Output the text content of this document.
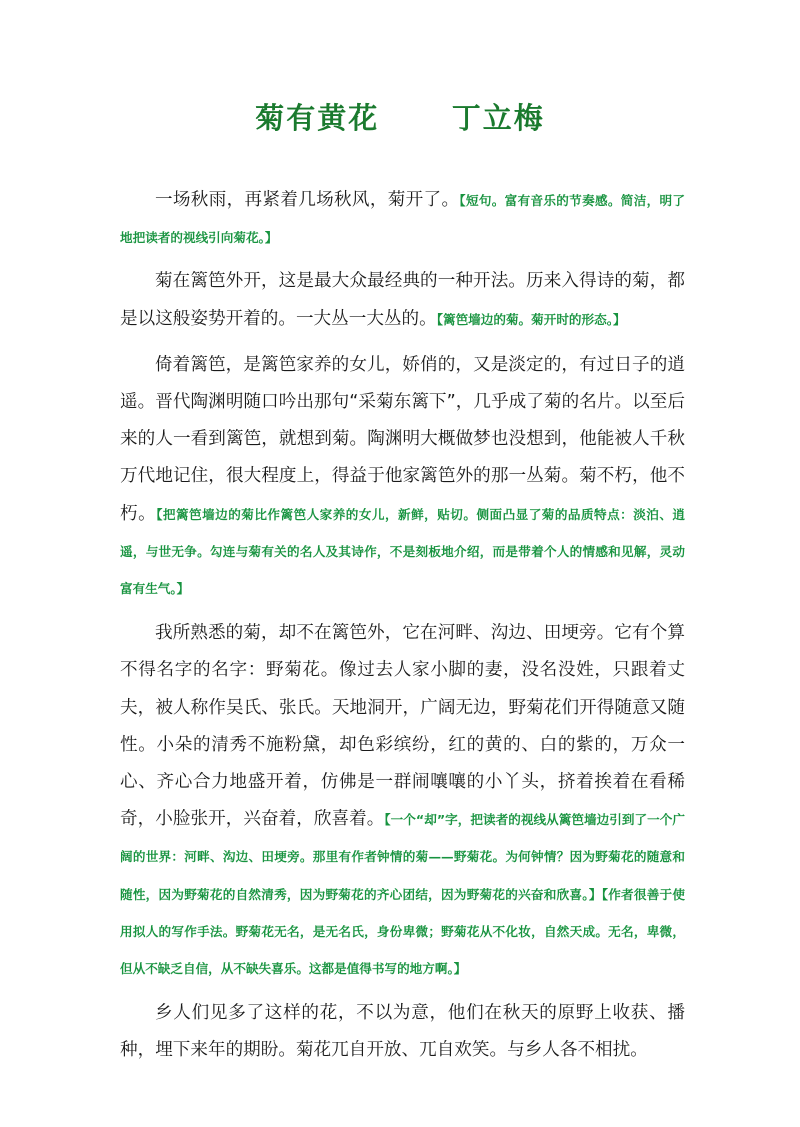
菊有黄花      丁立梅

一场秋雨，再紧着几场秋风，菊开了。【短句。富有音乐的节奏感。简洁，明了地把读者的视线引向菊花。】

菊在篱笆外开，这是最大众最经典的一种开法。历来入得诗的菊，都是以这般姿势开着的。一大丛一大丛的。【篱笆墙边的菊。菊开时的形态。】

倚着篱笆，是篱笆家养的女儿，娇俏的，又是淡定的，有过日子的逍遥。晋代陶渊明随口吟出那句“采菊东篱下”，几乎成了菊的名片。以至后来的人一看到篱笆，就想到菊。陶渊明大概做梦也没想到，他能被人千秋万代地记住，很大程度上，得益于他家篱笆外的那一丛菊。菊不朽，他不朽。【把篱笆墙边的菊比作篱笆人家养的女儿，新鲜，贴切。侧面凸显了菊的品质特点：淡泊、逍遥，与世无争。勾连与菊有关的名人及其诗作，不是刻板地介绍，而是带着个人的情感和见解，灵动富有生气。】

我所熟悉的菊，却不在篱笆外，它在河畔、沟边、田埂旁。它有个算不得名字的名字：野菊花。像过去人家小脚的妻，没名没姓，只跟着丈夫，被人称作吴氏、张氏。天地洞开，广阔无边，野菊花们开得随意又随性。小朵的清秀不施粉黛，却色彩缤纷，红的黄的、白的紫的，万众一心、齐心合力地盛开着，仿佛是一群闹嚷嚷的小丫头，挤着挨着在看稀奇，小脸张开，兴奋着，欣喜着。【一个“却”字，把读者的视线从篱笆墙边引到了一个广阔的世界：河畔、沟边、田埂旁。那里有作者钟情的菊——野菊花。为何钟情？因为野菊花的随意和随性，因为野菊花的自然清秀，因为野菊花的齐心团结，因为野菊花的兴奋和欣喜。】【作者很善于使用拟人的写作手法。野菊花无名，是无名氏，身份卑微；野菊花从不化妆，自然天成。无名，卑微，但从不缺乏自信，从不缺失喜乐。这都是值得书写的地方啊。】

乡人们见多了这样的花，不以为意，他们在秋天的原野上收获、播种，埋下来年的期盼。菊花兀自开放、兀自欢笑。与乡人各不相扰。
